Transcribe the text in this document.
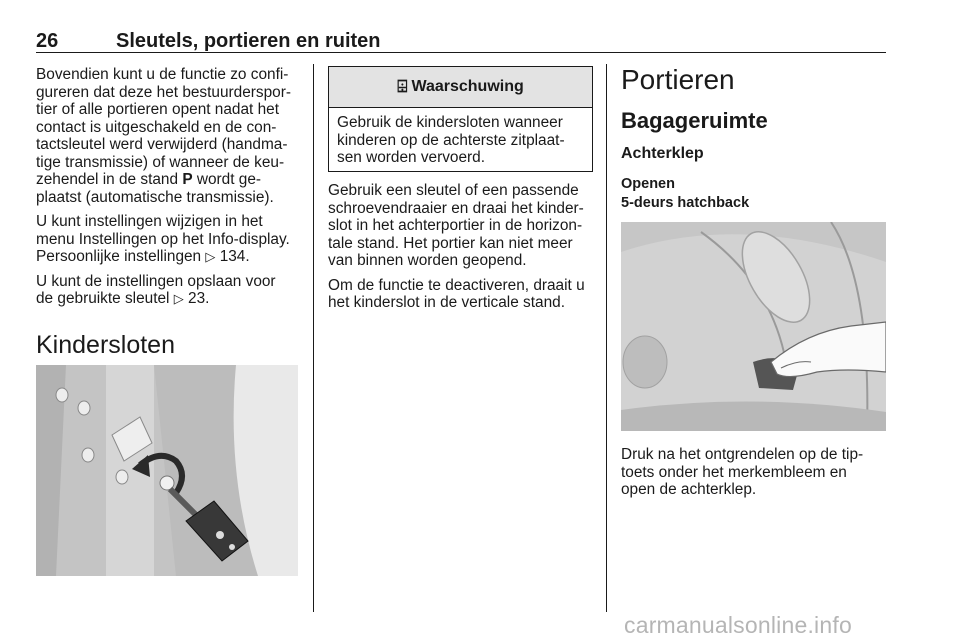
26	Sleutels, portieren en ruiten

Bovendien kunt u de functie zo confi-
gureren dat deze het bestuurderspor-
tier of alle portieren opent nadat het
contact is uitgeschakeld en de con-
tactsleutel werd verwijderd (handma-
tige transmissie) of wanneer de keu-
zehendel in de stand P wordt ge-
plaatst (automatische transmissie).

U kunt instellingen wijzigen in het
menu Instellingen op het Info-display.
Persoonlijke instellingen ▷ 134.

U kunt de instellingen opslaan voor
de gebruikte sleutel ▷ 23.

Kindersloten
⌹ Waarschuwing
Gebruik de kindersloten wanneer
kinderen op de achterste zitplaat-
sen worden vervoerd.

Gebruik een sleutel of een passende
schroevendraaier en draai het kinder-
slot in het achterportier in de horizon-
tale stand. Het portier kan niet meer
van binnen worden geopend.

Om de functie te deactiveren, draait u
het kinderslot in de verticale stand.

Portieren
Bagageruimte
Achterklep
Openen
5-deurs hatchback

Druk na het ontgrendelen op de tip-
toets onder het merkembleem en
open de achterklep.

carmanualsonline.info
